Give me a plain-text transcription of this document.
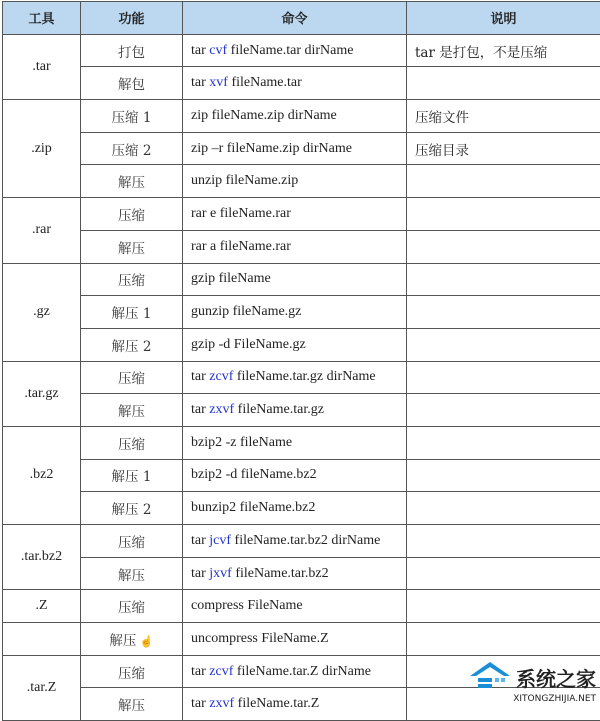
工具	功能	命令	说明
.tar	打包	tar cvf fileName.tar dirName	tar 是打包，不是压缩
	解包	tar xvf fileName.tar	
.zip	压缩 1	zip fileName.zip dirName	压缩文件
	压缩 2	zip –r fileName.zip dirName	压缩目录
	解压	unzip fileName.zip	
.rar	压缩	rar e fileName.rar	
	解压	rar a fileName.rar	
.gz	压缩	gzip fileName	
	解压 1	gunzip fileName.gz	
	解压 2	gzip -d FileName.gz	
.tar.gz	压缩	tar zcvf fileName.tar.gz dirName	
	解压	tar zxvf fileName.tar.gz	
.bz2	压缩	bzip2 -z fileName	
	解压 1	bzip2 -d fileName.bz2	
	解压 2	bunzip2 fileName.bz2	
.tar.bz2	压缩	tar jcvf fileName.tar.bz2 dirName	
	解压	tar jxvf fileName.tar.bz2	
.Z	压缩	compress FileName	
	解压 ☝	uncompress FileName.Z	
.tar.Z	压缩	tar zcvf fileName.tar.Z dirName	
	解压	tar zxvf fileName.tar.Z	
系统之家
XITONGZHIJIA.NET
